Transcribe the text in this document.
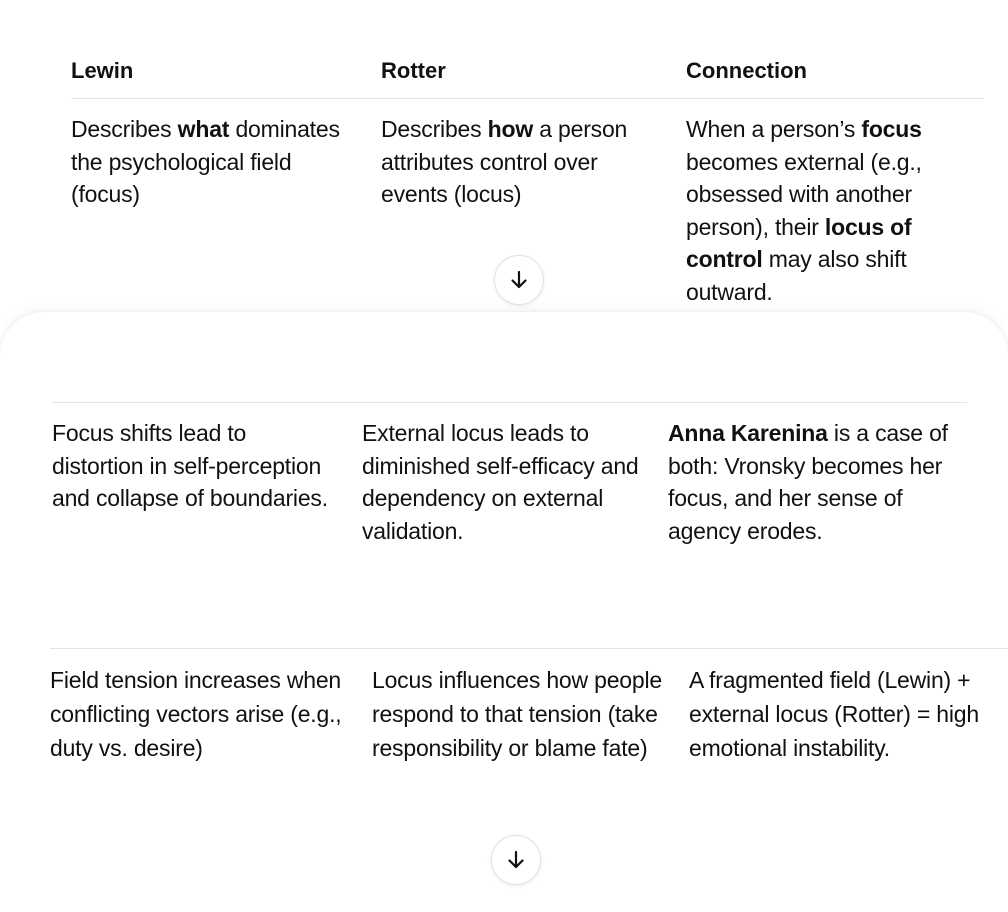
Lewin	Rotter	Connection
Describes what dominates the psychological field (focus)
Describes how a person attributes control over events (locus)
When a person’s focus becomes external (e.g., obsessed with another person), their locus of control may also shift outward.
Focus shifts lead to distortion in self-perception and collapse of boundaries.
External locus leads to diminished self-efficacy and dependency on external validation.
Anna Karenina is a case of both: Vronsky becomes her focus, and her sense of agency erodes.
Field tension increases when conflicting vectors arise (e.g., duty vs. desire)
Locus influences how people respond to that tension (take responsibility or blame fate)
A fragmented field (Lewin) + external locus (Rotter) = high emotional instability.
